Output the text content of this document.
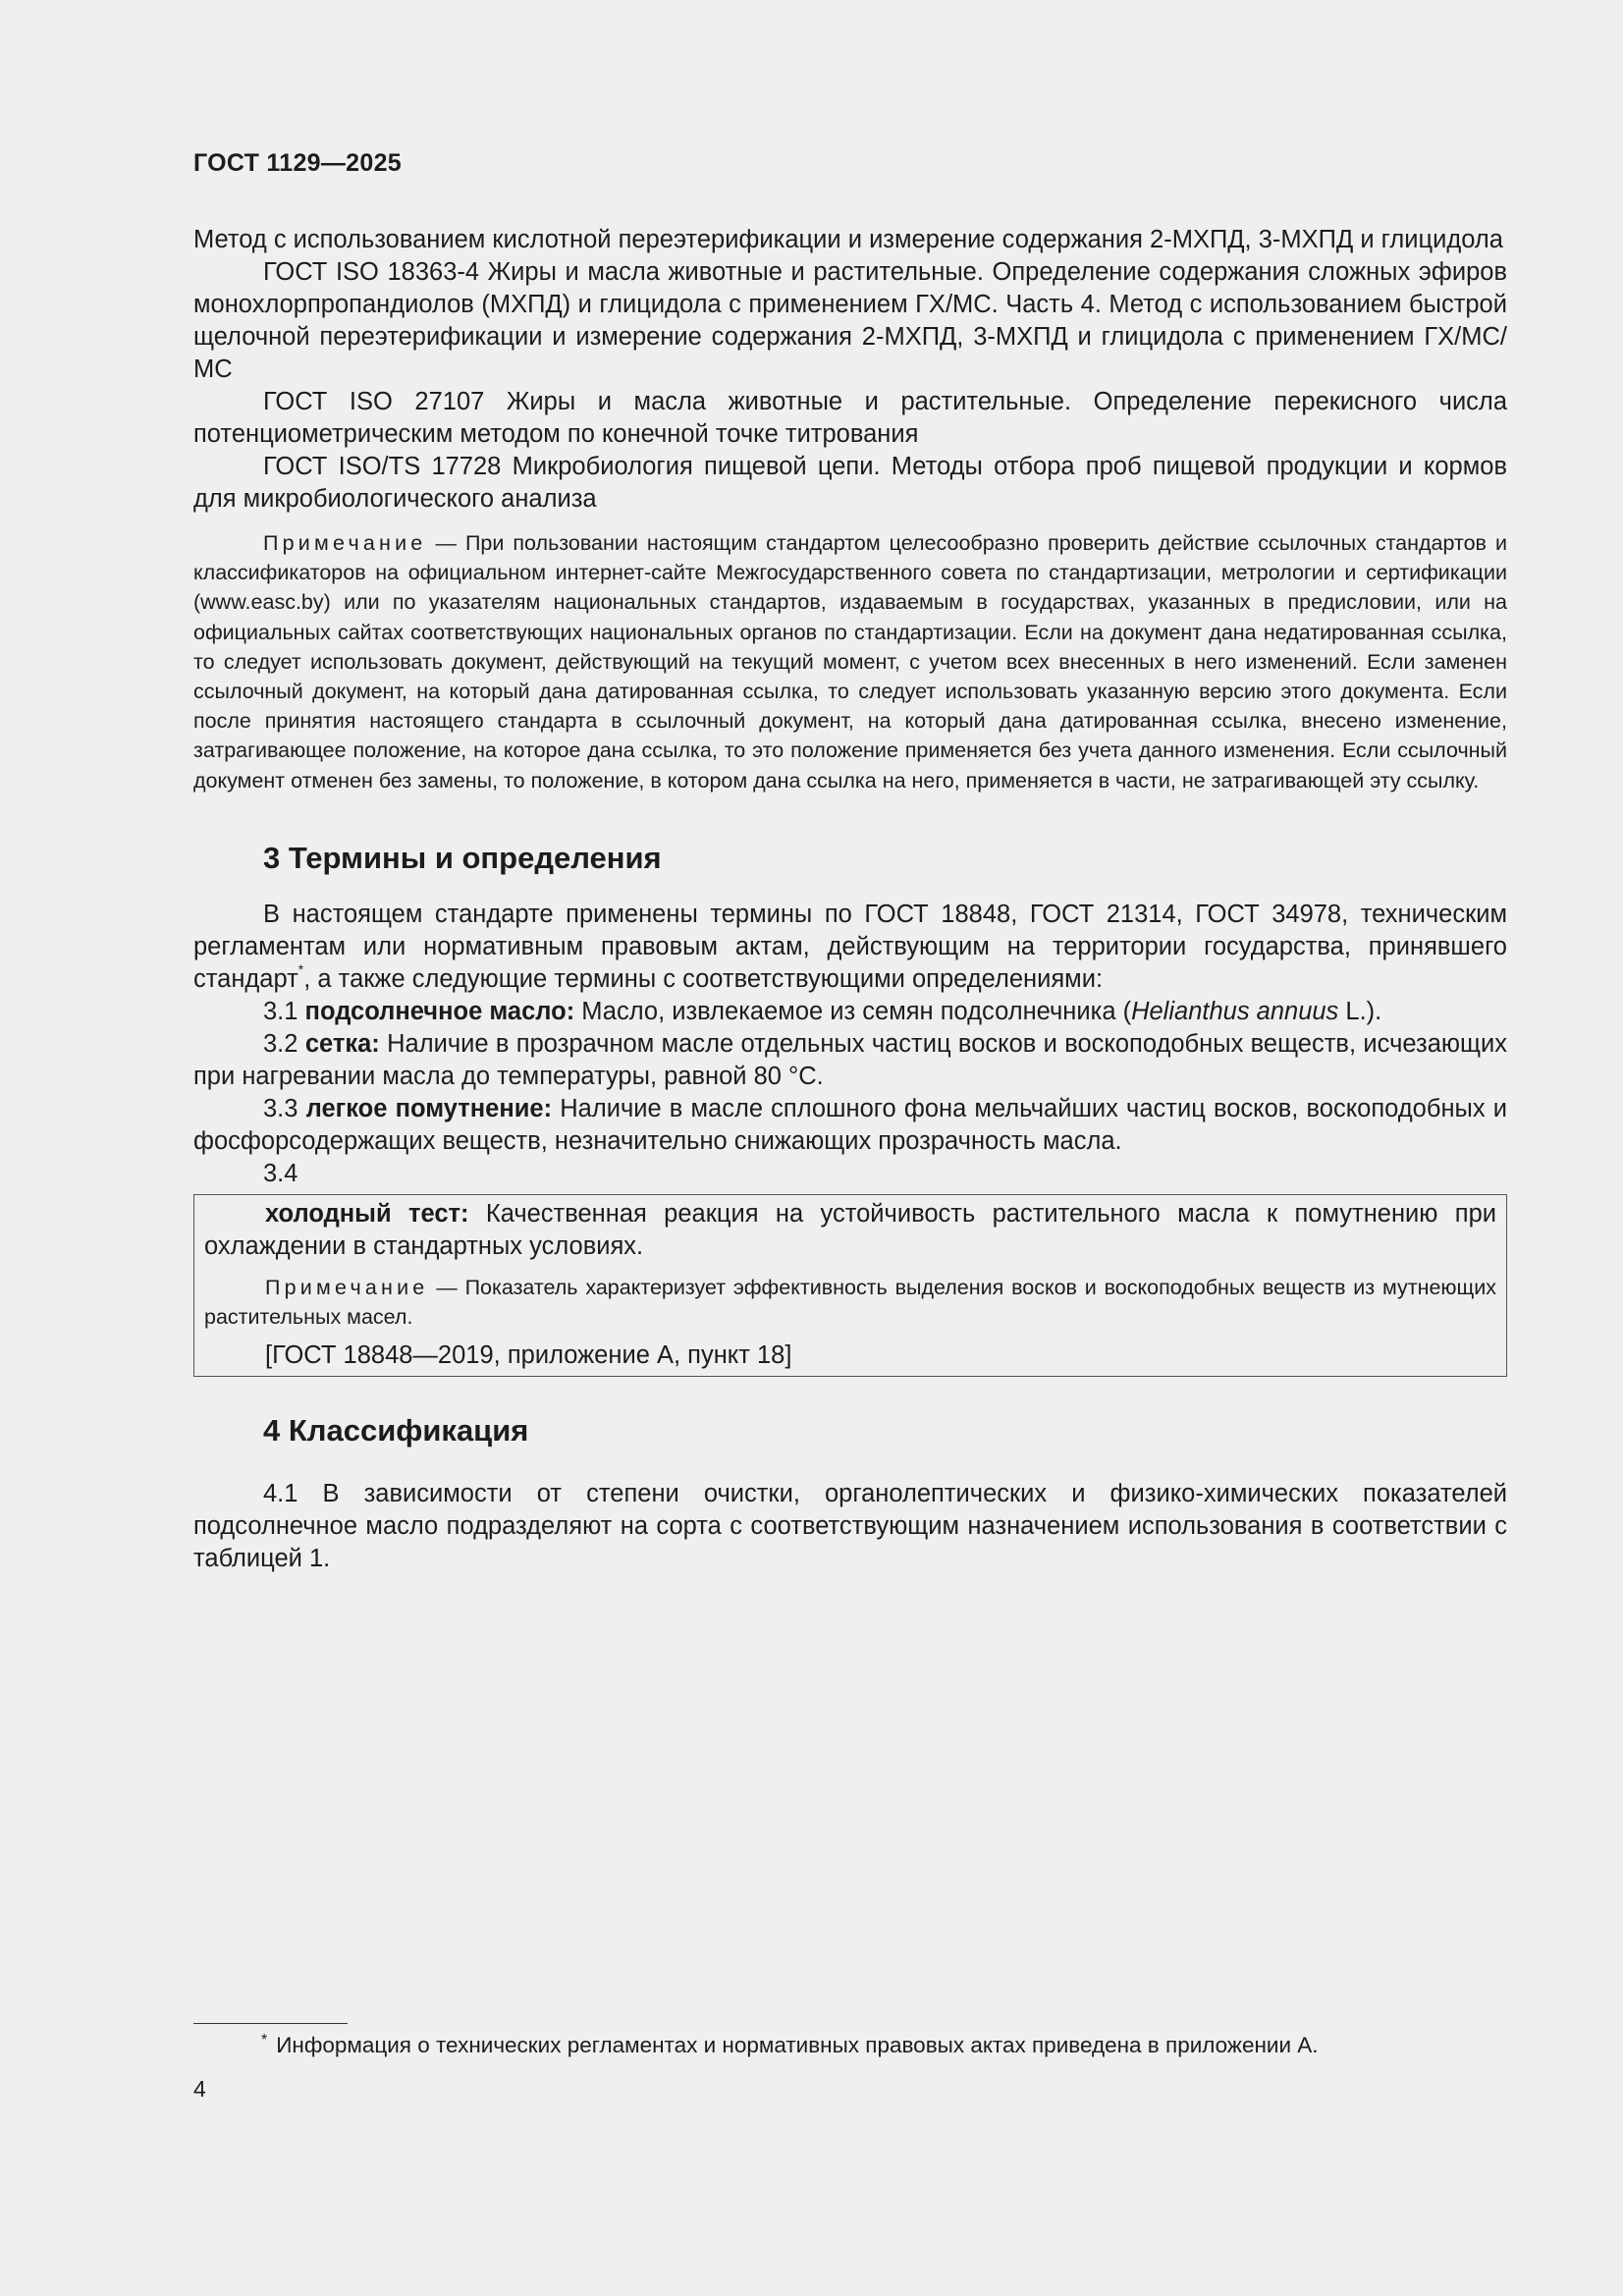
ГОСТ 1129—2025

Метод с использованием кислотной переэтерификации и измерение содержания 2-МХПД, 3-МХПД и глицидола

ГОСТ ISO 18363-4 Жиры и масла животные и растительные. Определение содержания сложных эфиров монохлорпропандиолов (МХПД) и глицидола с применением ГХ/МС. Часть 4. Метод с использованием быстрой щелочной переэтерификации и измерение содержания 2-МХПД, 3-МХПД и глицидола с применением ГХ/МС/МС

ГОСТ ISO 27107 Жиры и масла животные и растительные. Определение перекисного числа потенциометрическим методом по конечной точке титрования

ГОСТ ISO/TS 17728 Микробиология пищевой цепи. Методы отбора проб пищевой продукции и кормов для микробиологического анализа

Примечание — При пользовании настоящим стандартом целесообразно проверить действие ссылочных стандартов и классификаторов на официальном интернет-сайте Межгосударственного совета по стандартизации, метрологии и сертификации (www.easc.by) или по указателям национальных стандартов, издаваемым в государствах, указанных в предисловии, или на официальных сайтах соответствующих национальных органов по стандартизации. Если на документ дана недатированная ссылка, то следует использовать документ, действующий на текущий момент, с учетом всех внесенных в него изменений. Если заменен ссылочный документ, на который дана датированная ссылка, то следует использовать указанную версию этого документа. Если после принятия настоящего стандарта в ссылочный документ, на который дана датированная ссылка, внесено изменение, затрагивающее положение, на которое дана ссылка, то это положение применяется без учета данного изменения. Если ссылочный документ отменен без замены, то положение, в котором дана ссылка на него, применяется в части, не затрагивающей эту ссылку.

3 Термины и определения

В настоящем стандарте применены термины по ГОСТ 18848, ГОСТ 21314, ГОСТ 34978, техническим регламентам или нормативным правовым актам, действующим на территории государства, принявшего стандарт*, а также следующие термины с соответствующими определениями:

3.1 подсолнечное масло: Масло, извлекаемое из семян подсолнечника (Helianthus annuus L.).

3.2 сетка: Наличие в прозрачном масле отдельных частиц восков и воскоподобных веществ, исчезающих при нагревании масла до температуры, равной 80 °С.

3.3 легкое помутнение: Наличие в масле сплошного фона мельчайших частиц восков, воскоподобных и фосфорсодержащих веществ, незначительно снижающих прозрачность масла.

3.4

холодный тест: Качественная реакция на устойчивость растительного масла к помутнению при охлаждении в стандартных условиях.

Примечание — Показатель характеризует эффективность выделения восков и воскоподобных веществ из мутнеющих растительных масел.

[ГОСТ 18848—2019, приложение А, пункт 18]

4 Классификация

4.1 В зависимости от степени очистки, органолептических и физико-химических показателей подсолнечное масло подразделяют на сорта с соответствующим назначением использования в соответствии с таблицей 1.

* Информация о технических регламентах и нормативных правовых актах приведена в приложении А.
4
